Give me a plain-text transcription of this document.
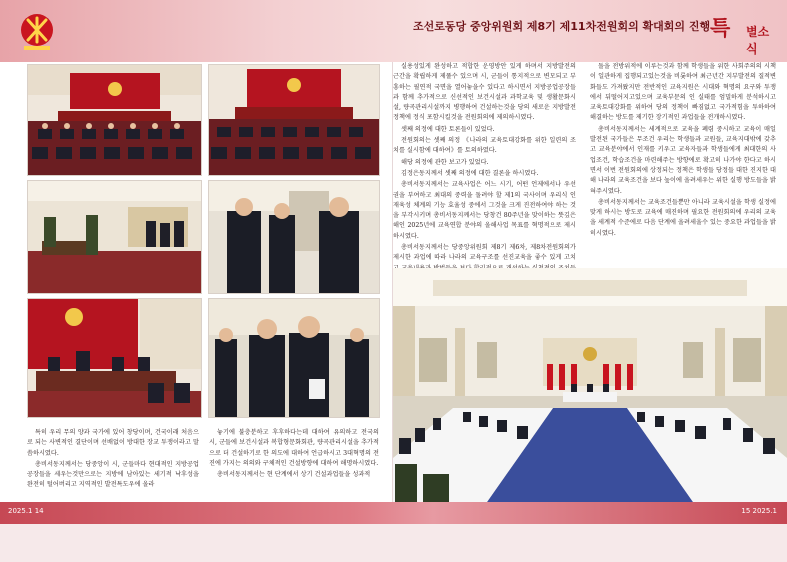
조선로동당 중앙위원회 제8기 제11차전원회의 확대회의 진행 특 별소식

특히 우리 무의 양과 국가에 있어 창당이며, 건국이래 처음으로 되는 사변적인 결단이며 선배없이 방대한 장교 투쟁이라고 말씀하시였다.

총비서동지께서는 당중앙이 시, 군들마다 현대적인 지방공업공장들을 세우는것만으로는 지방에 남아있는 세기적 낙후성을 완전히 털어버리고 지역적인 발전특도우에 올라

놓기에 불충분하고 후후하다는데 대하여 유의하고 전국의 시, 군들에 보건시설과 복합형문화회관, 량곡관리시설을 추가적으로 더 건설하기로 한 의도에 대하여 언급하시고 3대혁명의 전진에 가지는 의의와 구체적인 건설방향에 대하여 해명하시였다.

총비서동지께서는 현 단계에서 상기 건설과업들을 성과적

실용성있게 완성하고 적합한 운영방안 있게 하며서 지방발전의 근간을 확립하게 제풀수 있으며 시, 군들이 통지적으로 변모되고 부흥하는 필연적 국면을 열어놓을수 있다고 하시면서 지방공업공장들과 함께 추가적으로 신선적인 보건시설과 과학교육 및 생활문화시설, 량곡관리시설까지 병행하여 건설하는것을 당의 새로운 지방발전정책에 정식 포함시킬것을 전원회의에 제의하시였다.

셋째 의정에 대한 토론들이 있었다.

전원회의는 셋째 의정 《나라의 교육토대강화를 위한 일련의 조치를 실시함에 대하여》를 토의하였다.

해당 의정에 관한 보고가 있었다.

김정은동지께서 셋째 의정에 대한 결론을 하시였다.

총비서동지께서는 교육사업은 어느 시기, 어떤 언제에서나 우선권을 부여하고 최대의 중력을 돌려야 할 제1의 국사이며 우리식 인재육성 체계의 기능 효율성 중에서 그것을 크게 진전하여야 하는 것을 부각시키며 총비서동지께서는 당창건 80주년을 맞이하는 뜻깊은 해인 2025년에 교육연합 분야의 올해사업 목표를 혁명적으로 제시하시였다.

총비서동지께서는 당중앙위원회 제8기 제6차, 제8차전원회의가 제시한 과업에 따라 나라의 교육구조를 선진교육을 좋수 있게 고치

돌을 전방위적에 이루는것과 함께 학생들을 위한 사회주의의 시책이 일관하게 집행되고있는것을 비롯하여 최근년간 지부발전의 질적변화들도 가져왔지만 전반적인 교육지원은 시대와 혁명의 요구와 투쟁에서 뒤떨어지고있으며 교육부문의 인 실태를 엄밀하게 분석하시고 교육토대강화를 위하여 당의 정책이 빠짐없고 국가적힘을 투하하여 해결하는 방도를 제기한 장기적인 과업들을 전개하시였다.

총비서동지께서는 세계적으로 교육을 폐렴 중시하고 교육이 매일 발전된 국가들은 무조건 우리는 학생들과 교원들, 교육지대밖에 갖추고 교육분야에서 인재를 키우고 교육자들과 학생들에게 최대한의 사업조건, 학습조건을 마련해주는 방향에로 확고히 나가야 한다고 하시면서 이번 전원회의에 상정되는 정책은 학생들 당정들 대한 진지한 대해 나라의 교육조건을 보다 높이에 올려세우는 위한 실행 방도들을 밝혀주시였다.

총비서동지께서는 교육조건들뿐만 아니라 교육시설을 학생 실정에 맞게 하시는 방도로 교육에 매진하며 필요한 전원회의에 우리의 교육을 세계적 수준에로 다음 단계에 올려세울수 있는 중요한 과업들을 밝히시였다.

2025.1 14	15 2025.1
